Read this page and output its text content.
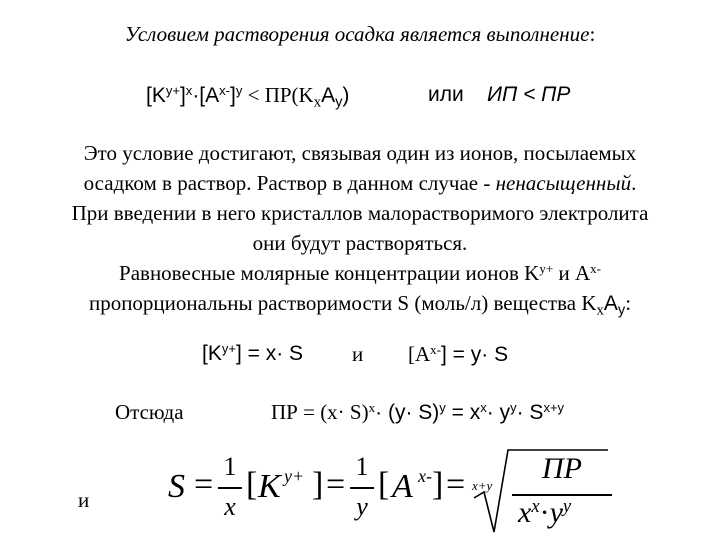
Условием растворения осадка является выполнение:
$[K^{y+}]^x\cdot[A^{x-}]^y < ПР(K_xA_y)$	или ИП < ПР
Это условие достигают, связывая один из ионов, посылаемых
осадком в раствор. Раствор в данном случае - ненасыщенный.
При введении в него кристаллов малорастворимого электролита
они будут растворяться.
Равновесные молярные концентрации ионов $K^{y+}$ и $A^{x-}$
пропорциональны растворимости S (моль/л) вещества $K_xA_y$:
$[K^{y+}] = x\cdot S$ и $[A^{x-}] = y\cdot S$
Отсюда	ПР = $(x\cdot S)^x\cdot (y\cdot S)^y = x^x\cdot y^y\cdot S^{x+y}$
и S = 1
x
[ K y+ ] = 1
y
[ A x- ] = x+y
ПР
$x^x\cdot y^y$
